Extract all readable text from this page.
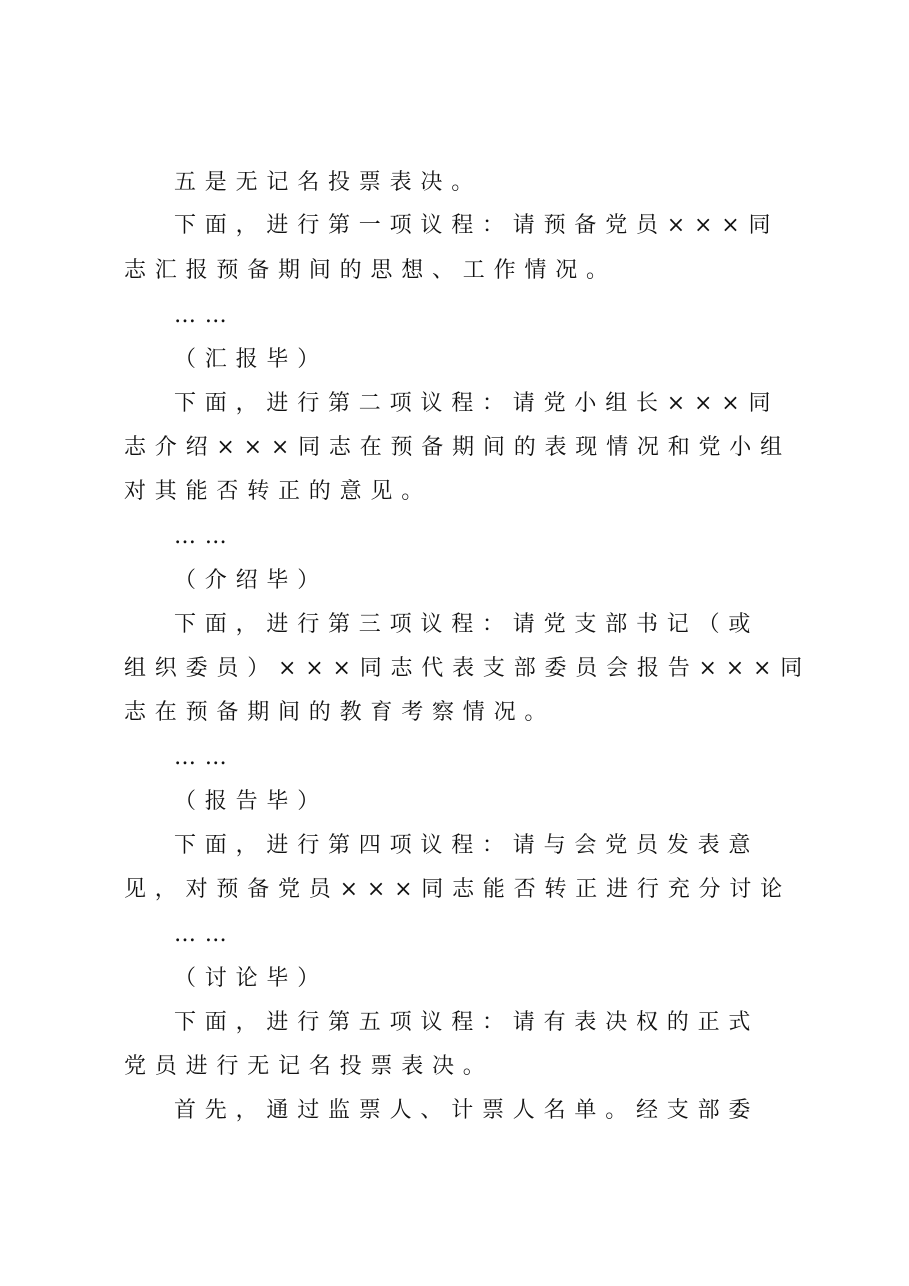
五是无记名投票表决。
下面，进行第一项议程：请预备党员×××同
志汇报预备期间的思想、工作情况。
……
（汇报毕）
下面，进行第二项议程：请党小组长×××同
志介绍×××同志在预备期间的表现情况和党小组
对其能否转正的意见。
……
（介绍毕）
下面，进行第三项议程：请党支部书记（或
组织委员）×××同志代表支部委员会报告×××同
志在预备期间的教育考察情况。
……
（报告毕）
下面，进行第四项议程：请与会党员发表意
见，对预备党员×××同志能否转正进行充分讨论
……
（讨论毕）
下面，进行第五项议程：请有表决权的正式
党员进行无记名投票表决。
首先，通过监票人、计票人名单。经支部委
